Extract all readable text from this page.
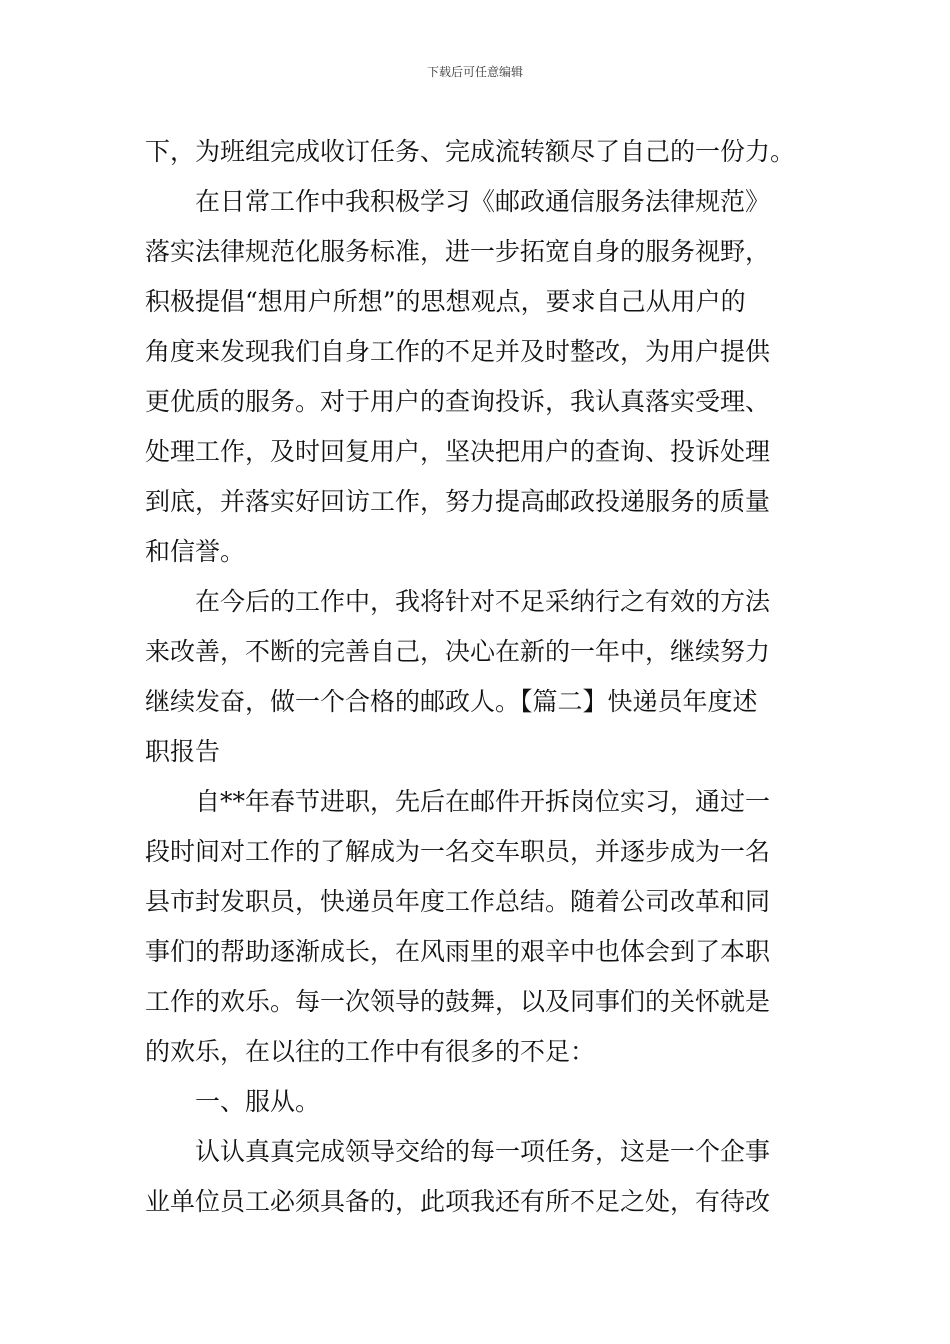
下载后可任意编辑
下，为班组完成收订任务、完成流转额尽了自己的一份力。
在日常工作中我积极学习《邮政通信服务法律规范》
落实法律规范化服务标准，进一步拓宽自身的服务视野，
积极提倡“想用户所想”的思想观点，要求自己从用户的
角度来发现我们自身工作的不足并及时整改，为用户提供
更优质的服务。对于用户的查询投诉，我认真落实受理、
处理工作，及时回复用户，坚决把用户的查询、投诉处理
到底，并落实好回访工作，努力提高邮政投递服务的质量
和信誉。
在今后的工作中，我将针对不足采纳行之有效的方法
来改善，不断的完善自己，决心在新的一年中，继续努力
继续发奋，做一个合格的邮政人。【篇二】快递员年度述
职报告
自**年春节进职，先后在邮件开拆岗位实习，通过一
段时间对工作的了解成为一名交车职员，并逐步成为一名
县市封发职员，快递员年度工作总结。随着公司改革和同
事们的帮助逐渐成长，在风雨里的艰辛中也体会到了本职
工作的欢乐。每一次领导的鼓舞，以及同事们的关怀就是
的欢乐，在以往的工作中有很多的不足：
一、服从。
认认真真完成领导交给的每一项任务，这是一个企事
业单位员工必须具备的，此项我还有所不足之处，有待改
